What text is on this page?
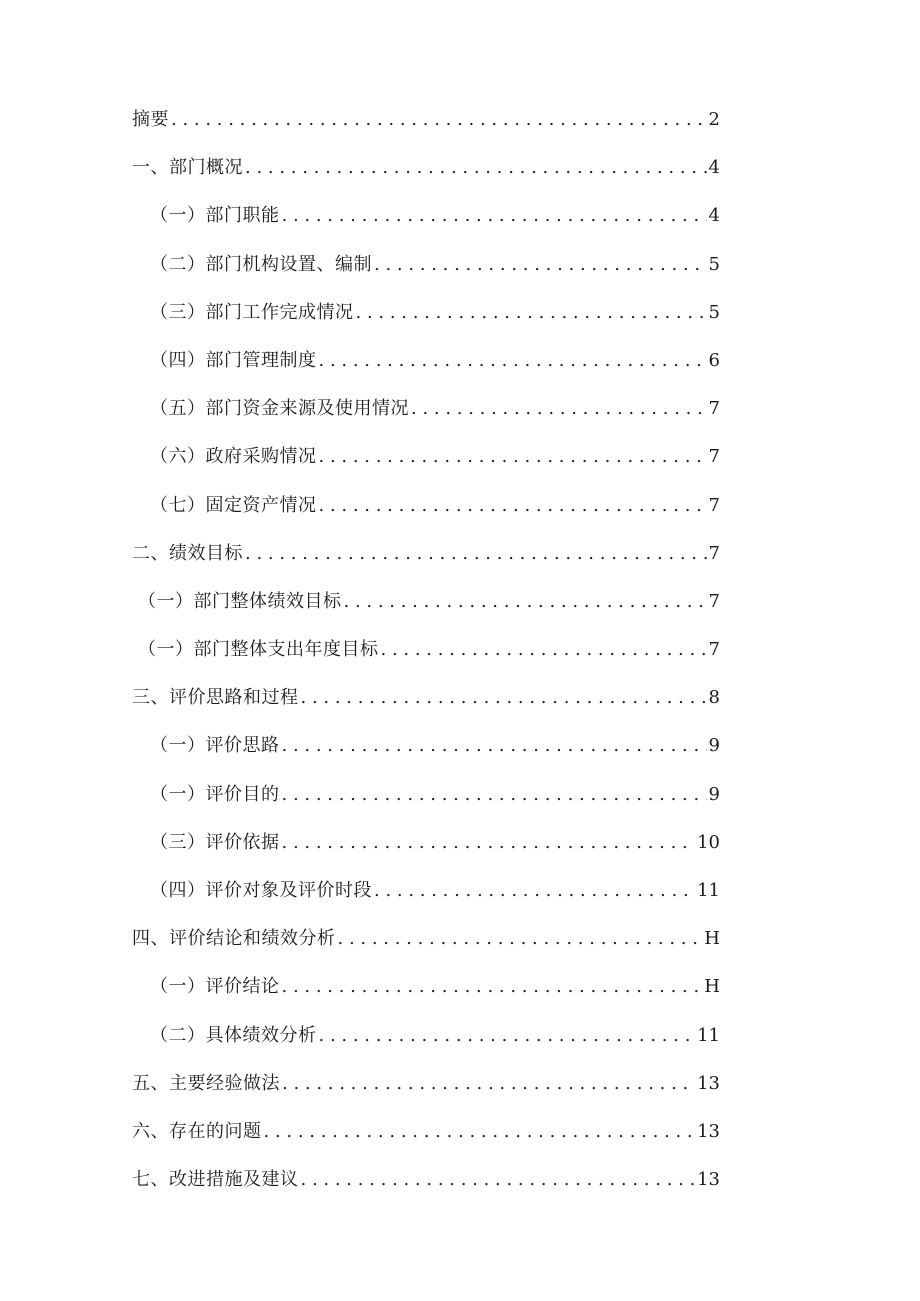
摘要 . . .	2
一、部门概况 . . .	4
（一）部门职能 . . .	4
（二）部门机构设置、编制 . . .	5
（三）部门工作完成情况 . . .	5
（四）部门管理制度 . . .	6
（五）部门资金来源及使用情况 . . .	7
（六）政府采购情况 . . .	7
（七）固定资产情况 . . .	7
二、绩效目标 . . .	7
（一）部门整体绩效目标 . . .	7
（一）部门整体支出年度目标 . . .	7
三、评价思路和过程 . . .	8
（一）评价思路 . . .	9
（一）评价目的 . . .	9
（三）评价依据 . . .	10
（四）评价对象及评价时段 . . .	11
四、评价结论和绩效分析 . . .	H
（一）评价结论 . . .	H
（二）具体绩效分析 . . .	11
五、主要经验做法 . . .	13
六、存在的问题 . . .	13
七、改进措施及建议 . . .	13
